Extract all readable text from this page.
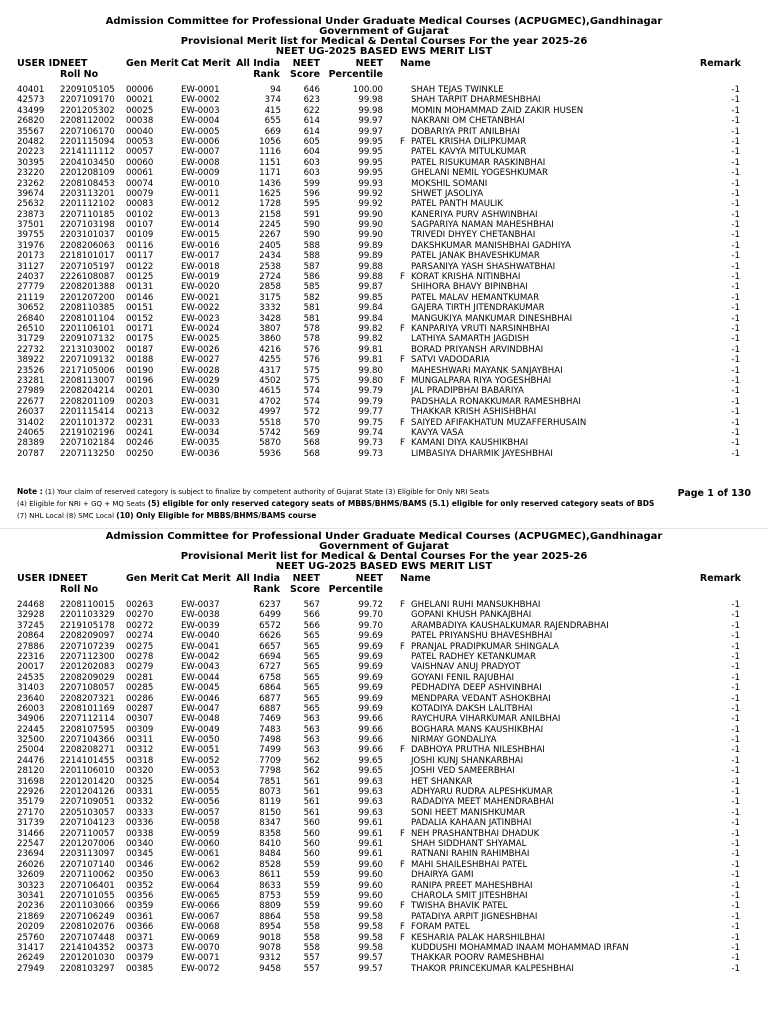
Admission Committee for Professional Under Graduate Medical Courses (ACPUGMEC),Gandhinagar
Government of Gujarat
Provisional Merit list for Medical & Dental Courses For the year 2025-26
NEET UG-2025 BASED EWS MERIT LIST
USER ID NEET
Roll No
Gen Merit Cat Merit All India
Rank
NEET
Score
NEET
Percentile
Name	Remark
40401 2209105105 00006	EW-0001	94	646	100.00	SHAH TEJAS TWINKLE	-1
42573 2207109170 00021	EW-0002	374	623	99.98	SHAH TARPIT DHARMESHBHAI	-1
43499 2201205302 00025	EW-0003	415	622	99.98	MOMIN MOHAMMAD ZAID ZAKIR HUSEN	-1
26820 2208112002 00038	EW-0004	655	614	99.97	NAKRANI OM CHETANBHAI	-1
35567 2207106170 00040	EW-0005	669	614	99.97	DOBARIYA PRIT ANILBHAI	-1
20482 2201115094 00053	EW-0006	1056	605	99.95 F PATEL KRISHA DILIPKUMAR	-1
20223 2214111112 00057	EW-0007	1116	604	99.95	PATEL KAVYA MITULKUMAR	-1
30395 2204103450 00060	EW-0008	1151	603	99.95	PATEL RISUKUMAR RASKINBHAI	-1
23220 2201208109 00061	EW-0009	1171	603	99.95	GHELANI NEMIL YOGESHKUMAR	-1
23262 2208108453 00074	EW-0010	1436	599	99.93	MOKSHIL SOMANI	-1
39674 2203113201 00079	EW-0011	1625	596	99.92	SHWET JASOLIYA	-1
25632 2201112102 00083	EW-0012	1728	595	99.92	PATEL PANTH MAULIK	-1
23873 2207110185 00102	EW-0013	2158	591	99.90	KANERIYA PURV ASHWINBHAI	-1
37501 2207103198 00107	EW-0014	2245	590	99.90	SAGPARIYA NAMAN MAHESHBHAI	-1
39755 2203101037 00109	EW-0015	2267	590	99.90	TRIVEDI DHYEY CHETANBHAI	-1
31976 2208206063 00116	EW-0016	2405	588	99.89	DAKSHKUMAR MANISHBHAI GADHIYA	-1
20173 2218101017 00117	EW-0017	2434	588	99.89	PATEL JANAK BHAVESHKUMAR	-1
31127 2207105197 00122	EW-0018	2538	587	99.88	PARSANIYA YASH SHASHWATBHAI	-1
24037 2226108087 00125	EW-0019	2724	586	99.88 F KORAT KRISHA NITINBHAI	-1
27779 2208201388 00131	EW-0020	2858	585	99.87	SHIHORA BHAVY BIPINBHAI	-1
21119 2201207200 00146	EW-0021	3175	582	99.85	PATEL MALAV HEMANTKUMAR	-1
30652 2208110385 00151	EW-0022	3332	581	99.84	GAJERA TIRTH JITENDRAKUMAR	-1
26840 2208101104 00152	EW-0023	3428	581	99.84	MANGUKIYA MANKUMAR DINESHBHAI	-1
26510 2201106101 00171	EW-0024	3807	578	99.82 F KANPARIYA VRUTI NARSINHBHAI	-1
31729 2209107132 00175	EW-0025	3860	578	99.82	LATHIYA SAMARTH JAGDISH	-1
22732 2213103002 00187	EW-0026	4216	576	99.81	BORAD PRIYANSH ARVINDBHAI	-1
38922 2207109132 00188	EW-0027	4255	576	99.81 F SATVI VADODARIA	-1
23526 2217105006 00190	EW-0028	4317	575	99.80	MAHESHWARI MAYANK SANJAYBHAI	-1
23281 2208113007 00196	EW-0029	4502	575	99.80 F MUNGALPARA RIYA YOGESHBHAI	-1
27989 2208204214 00201	EW-0030	4615	574	99.79	JAL PRADIPBHAI BABARIYA	-1
22677 2208201109 00203	EW-0031	4702	574	99.79	PADSHALA RONAKKUMAR RAMESHBHAI	-1
26037 2201115414 00213	EW-0032	4997	572	99.77	THAKKAR KRISH ASHISHBHAI	-1
31402 2201101372 00231	EW-0033	5518	570	99.75 F SAIYED AFIFAKHATUN MUZAFFERHUSAIN	-1
24065 2219102196 00241	EW-0034	5742	569	99.74	KAVYA VASA	-1
28389 2207102184 00246	EW-0035	5870	568	99.73 F KAMANI DIYA KAUSHIKBHAI	-1
20787 2207113250 00250	EW-0036	5936	568	99.73	LIMBASIYA DHARMIK JAYESHBHAI	-1
Note : (1) Your claim of reserved category is subject to finalize by competent authority of Gujarat State (3) Eligible for Only NRI Seats
(4) Eligible for NRI + GQ + MQ Seats (5) eligible for only reserved category seats of MBBS/BHMS/BAMS (5.1) eligible for only reserved category seats of BDS
(7) NHL Local (8) SMC Local (10) Only Eligible for MBBS/BHMS/BAMS course
Page 1 of 130
Admission Committee for Professional Under Graduate Medical Courses (ACPUGMEC),Gandhinagar
Government of Gujarat
Provisional Merit list for Medical & Dental Courses For the year 2025-26
NEET UG-2025 BASED EWS MERIT LIST
USER ID NEET
Roll No
Gen Merit Cat Merit All India
Rank
NEET
Score
NEET
Percentile
Name	Remark
24468 2208110015 00263	EW-0037	6237	567	99.72 F GHELANI RUHI MANSUKHBHAI	-1
32928 2201103329 00270	EW-0038	6499	566	99.70	GOPANI KHUSH PANKAJBHAI	-1
37245 2219105178 00272	EW-0039	6572	566	99.70	ARAMBADIYA KAUSHALKUMAR RAJENDRABHAI	-1
20864 2208209097 00274	EW-0040	6626	565	99.69	PATEL PRIYANSHU BHAVESHBHAI	-1
27886 2207107239 00275	EW-0041	6657	565	99.69 F PRANJAL PRADIPKUMAR SHINGALA	-1
22316 2207112300 00278	EW-0042	6694	565	99.69	PATEL RADHEY KETANKUMAR	-1
20017 2201202083 00279	EW-0043	6727	565	99.69	VAISHNAV ANUJ PRADYOT	-1
24535 2208209029 00281	EW-0044	6758	565	99.69	GOYANI FENIL RAJUBHAI	-1
31403 2207108057 00285	EW-0045	6864	565	99.69	PEDHADIYA DEEP ASHVINBHAI	-1
23640 2208207321 00286	EW-0046	6877	565	99.69	MENDPARA VEDANT ASHOKBHAI	-1
26003 2208101169 00287	EW-0047	6887	565	99.69	KOTADIYA DAKSH LALITBHAI	-1
34906 2207112114 00307	EW-0048	7469	563	99.66	RAYCHURA VIHARKUMAR ANILBHAI	-1
22445 2208107595 00309	EW-0049	7483	563	99.66	BOGHARA MANS KAUSHIKBHAI	-1
32500 2207104366 00311	EW-0050	7498	563	99.66	NIRMAY GONDALIYA	-1
25004 2208208271 00312	EW-0051	7499	563	99.66 F DABHOYA PRUTHA NILESHBHAI	-1
24476 2214101455 00318	EW-0052	7709	562	99.65	JOSHI KUNJ SHANKARBHAI	-1
28120 2201106010 00320	EW-0053	7798	562	99.65	JOSHI VED SAMEERBHAI	-1
31698 2201201420 00325	EW-0054	7851	561	99.63	HET SHANKAR	-1
22926 2201204126 00331	EW-0055	8073	561	99.63	ADHYARU RUDRA ALPESHKUMAR	-1
35179 2207109051 00332	EW-0056	8119	561	99.63	RADADIYA MEET MAHENDRABHAI	-1
27170 2205103057 00333	EW-0057	8150	561	99.63	SONI HEET MANISHKUMAR	-1
31739 2207104123 00336	EW-0058	8347	560	99.61	PADALIA KAHAAN JATINBHAI	-1
31466 2207110057 00338	EW-0059	8358	560	99.61 F NEH PRASHANTBHAI DHADUK	-1
22547 2201207006 00340	EW-0060	8410	560	99.61	SHAH SIDDHANT SHYAMAL	-1
23694 2203113097 00345	EW-0061	8484	560	99.61	RATNANI RAHIN RAHIMBHAI	-1
26026 2207107140 00346	EW-0062	8528	559	99.60 F MAHI SHAILESHBHAI PATEL	-1
32609 2207110062 00350	EW-0063	8611	559	99.60	DHAIRYA GAMI	-1
30323 2207106401 00352	EW-0064	8633	559	99.60	RANIPA PREET MAHESHBHAI	-1
30341 2207101055 00356	EW-0065	8753	559	99.60	CHAROLA SMIT JITESHBHAI	-1
20236 2201103066 00359	EW-0066	8809	559	99.60 F TWISHA BHAVIK PATEL	-1
21869 2207106249 00361	EW-0067	8864	558	99.58	PATADIYA ARPIT JIGNESHBHAI	-1
20209 2208102076 00366	EW-0068	8954	558	99.58 F FORAM PATEL	-1
25760 2207107448 00371	EW-0069	9018	558	99.58 F KESHARIA PALAK HARSHILBHAI	-1
31417 2214104352 00373	EW-0070	9078	558	99.58	KUDDUSHI MOHAMMAD INAAM MOHAMMAD IRFAN	-1
26249 2201201030 00379	EW-0071	9312	557	99.57	THAKKAR POORV RAMESHBHAI	-1
27949 2208103297 00385	EW-0072	9458	557	99.57	THAKOR PRINCEKUMAR KALPESHBHAI	-1
